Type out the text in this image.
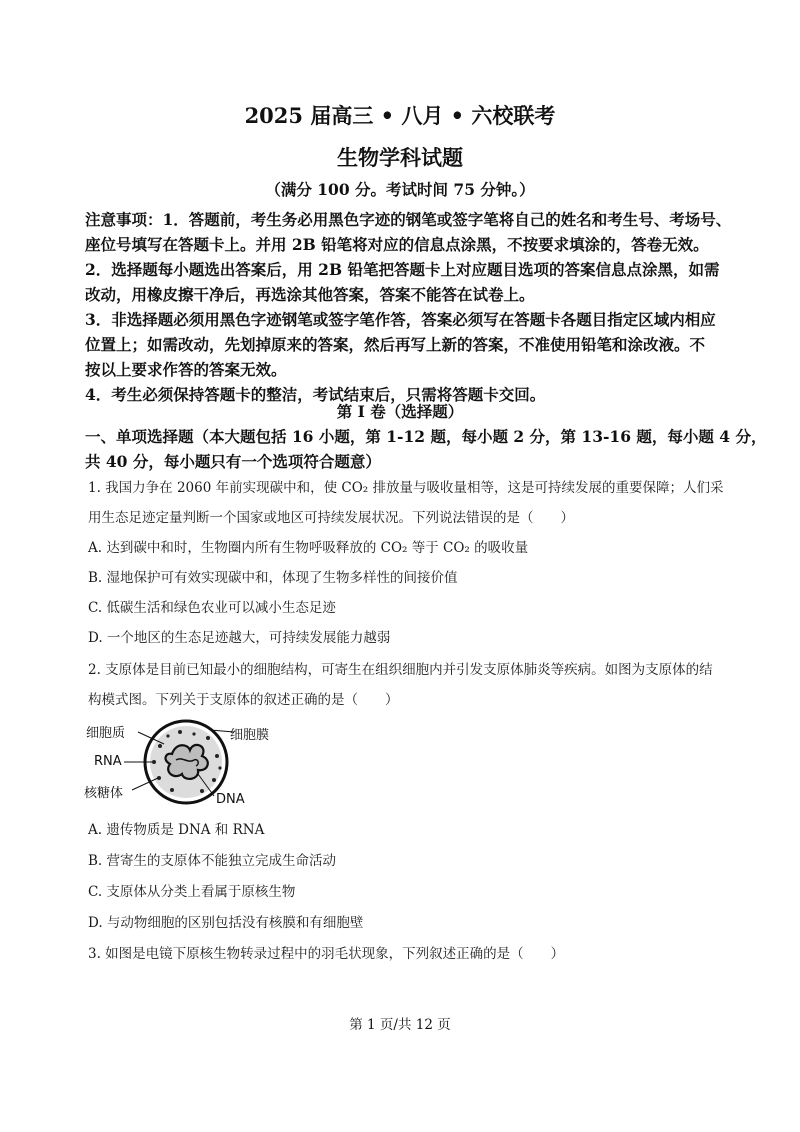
2025 届高三 • 八月 • 六校联考
生物学科试题
（满分 100 分。考试时间 75 分钟。）
注意事项：1．答题前，考生务必用黑色字迹的钢笔或签字笔将自己的姓名和考生号、考场号、
座位号填写在答题卡上。并用 2B 铅笔将对应的信息点涂黑，不按要求填涂的，答卷无效。
2．选择题每小题选出答案后，用 2B 铅笔把答题卡上对应题目选项的答案信息点涂黑，如需
改动，用橡皮擦干净后，再选涂其他答案，答案不能答在试卷上。
3．非选择题必须用黑色字迹钢笔或签字笔作答，答案必须写在答题卡各题目指定区域内相应
位置上；如需改动，先划掉原来的答案，然后再写上新的答案，不准使用铅笔和涂改液。不
按以上要求作答的答案无效。
4．考生必须保持答题卡的整洁，考试结束后，只需将答题卡交回。
第 I 卷（选择题）
一、单项选择题（本大题包括 16 小题，第 1-12 题，每小题 2 分，第 13-16 题，每小题 4 分，
共 40 分，每小题只有一个选项符合题意）
1. 我国力争在 2060 年前实现碳中和，使 CO₂ 排放量与吸收量相等，这是可持续发展的重要保障；人们采
用生态足迹定量判断一个国家或地区可持续发展状况。下列说法错误的是（　　）
A. 达到碳中和时，生物圈内所有生物呼吸释放的 CO₂ 等于 CO₂ 的吸收量
B. 湿地保护可有效实现碳中和，体现了生物多样性的间接价值
C. 低碳生活和绿色农业可以减小生态足迹
D. 一个地区的生态足迹越大，可持续发展能力越弱
2. 支原体是目前已知最小的细胞结构，可寄生在组织细胞内并引发支原体肺炎等疾病。如图为支原体的结
构模式图。下列关于支原体的叙述正确的是（　　）
细胞质	细胞膜
RNA
核糖体	DNA
A. 遗传物质是 DNA 和 RNA
B. 营寄生的支原体不能独立完成生命活动
C. 支原体从分类上看属于原核生物
D. 与动物细胞的区别包括没有核膜和有细胞壁
3. 如图是电镜下原核生物转录过程中的羽毛状现象，下列叙述正确的是（　　）
第 1 页/共 12 页
